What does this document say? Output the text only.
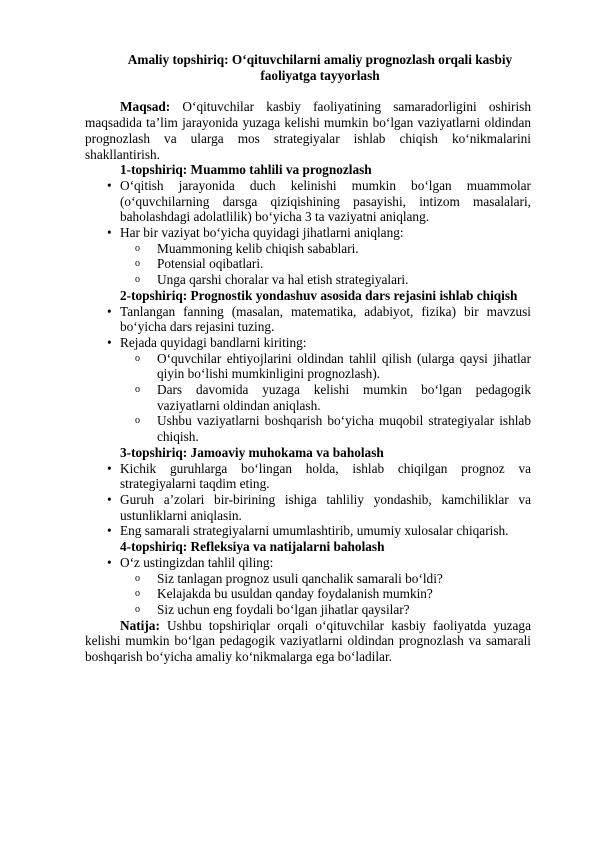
Amaliy topshiriq: O‘qituvchilarni amaliy prognozlash orqali kasbiy faoliyatga tayyorlash
Maqsad: O‘qituvchilar kasbiy faoliyatining samaradorligini oshirish maqsadida ta’lim jarayonida yuzaga kelishi mumkin bo‘lgan vaziyatlarni oldindan prognozlash va ularga mos strategiyalar ishlab chiqish ko‘nikmalarini shakllantirish.
1-topshiriq: Muammo tahlili va prognozlash
• O‘qitish jarayonida duch kelinishi mumkin bo‘lgan muammolar (o‘quvchilarning darsga qiziqishining pasayishi, intizom masalalari, baholashdagi adolatlilik) bo‘yicha 3 ta vaziyatni aniqlang.
• Har bir vaziyat bo‘yicha quyidagi jihatlarni aniqlang:
o Muammoning kelib chiqish sabablari.
o Potensial oqibatlari.
o Unga qarshi choralar va hal etish strategiyalari.
2-topshiriq: Prognostik yondashuv asosida dars rejasini ishlab chiqish
• Tanlangan fanning (masalan, matematika, adabiyot, fizika) bir mavzusi bo‘yicha dars rejasini tuzing.
• Rejada quyidagi bandlarni kiriting:
o O‘quvchilar ehtiyojlarini oldindan tahlil qilish (ularga qaysi jihatlar qiyin bo‘lishi mumkinligini prognozlash).
o Dars davomida yuzaga kelishi mumkin bo‘lgan pedagogik vaziyatlarni oldindan aniqlash.
o Ushbu vaziyatlarni boshqarish bo‘yicha muqobil strategiyalar ishlab chiqish.
3-topshiriq: Jamoaviy muhokama va baholash
• Kichik guruhlarga bo‘lingan holda, ishlab chiqilgan prognoz va strategiyalarni taqdim eting.
• Guruh a’zolari bir-birining ishiga tahliliy yondashib, kamchiliklar va ustunliklarni aniqlasin.
• Eng samarali strategiyalarni umumlashtirib, umumiy xulosalar chiqarish.
4-topshiriq: Refleksiya va natijalarni baholash
• O‘z ustingizdan tahlil qiling:
o Siz tanlagan prognoz usuli qanchalik samarali bo‘ldi?
o Kelajakda bu usuldan qanday foydalanish mumkin?
o Siz uchun eng foydali bo‘lgan jihatlar qaysilar?
Natija: Ushbu topshiriqlar orqali o‘qituvchilar kasbiy faoliyatda yuzaga kelishi mumkin bo‘lgan pedagogik vaziyatlarni oldindan prognozlash va samarali boshqarish bo‘yicha amaliy ko‘nikmalarga ega bo‘ladilar.
